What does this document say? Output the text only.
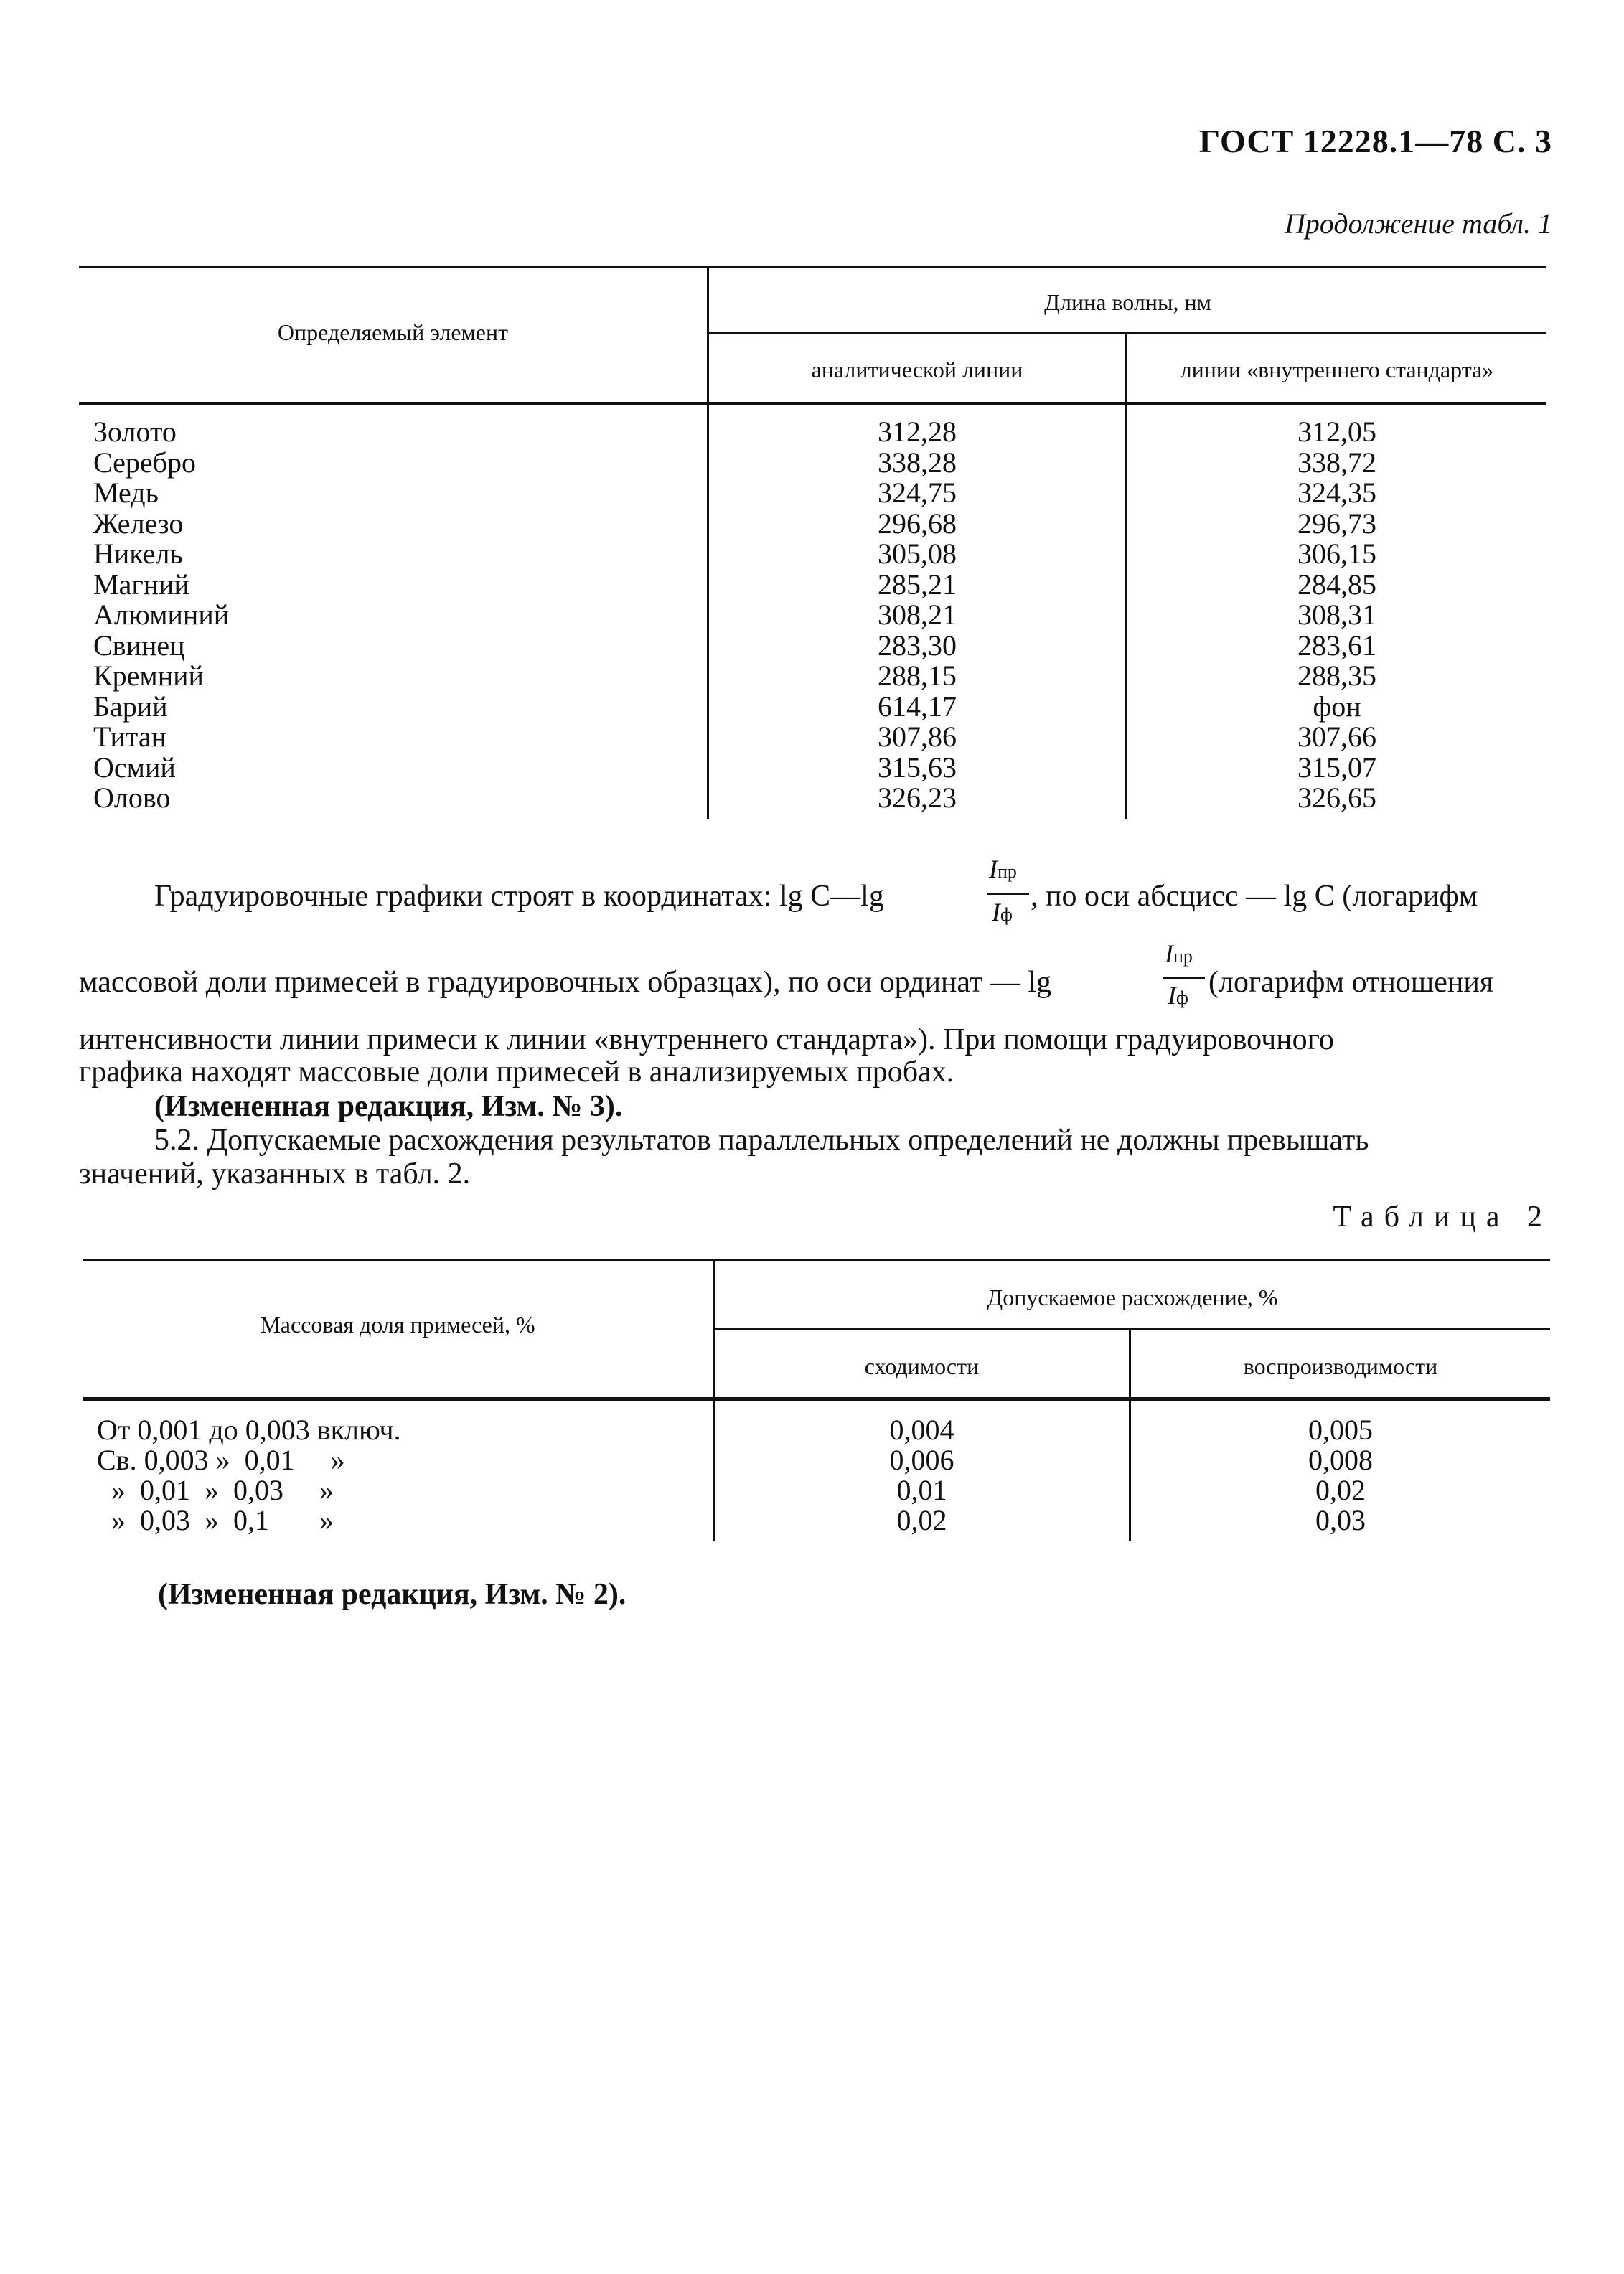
ГОСТ 12228.1—78 С. 3
Продолжение табл. 1
Определяемый элемент
Длина волны, нм
аналитической линии	линии «внутреннего стандарта»
Золото	312,28	312,05
Серебро	338,28	338,72
Медь	324,75	324,35
Железо	296,68	296,73
Никель	305,08	306,15
Магний	285,21	284,85
Алюминий	308,21	308,31
Свинец	283,30	283,61
Кремний	288,15	288,35
Барий	614,17	фон
Титан	307,86	307,66
Осмий	315,63	315,07
Олово	326,23	326,65
Градуировочные графики строят в координатах: lg C—lg
Iпр
Iф
, по оси абсцисс — lg C (логарифм
массовой доли примесей в градуировочных образцах), по оси ординат — lg
Iпр
Iф (логарифм отношения
интенсивности линии примеси к линии «внутреннего стандарта»). При помощи градуировочного
графика находят массовые доли примесей в анализируемых пробах.
(Измененная редакция, Изм. № 3).
5.2. Допускаемые расхождения результатов параллельных определений не должны превышать
значений, указанных в табл. 2.
Таблица 2
Массовая доля примесей, %
Допускаемое расхождение, %
сходимости	воспроизводимости
От 0,001 до 0,003 включ.	0,004	0,005
Св. 0,003 »  0,01     »	0,006	0,008
»  0,01  »  0,03     »	0,01	0,02
»  0,03  »  0,1       »	0,02	0,03
(Измененная редакция, Изм. № 2).
